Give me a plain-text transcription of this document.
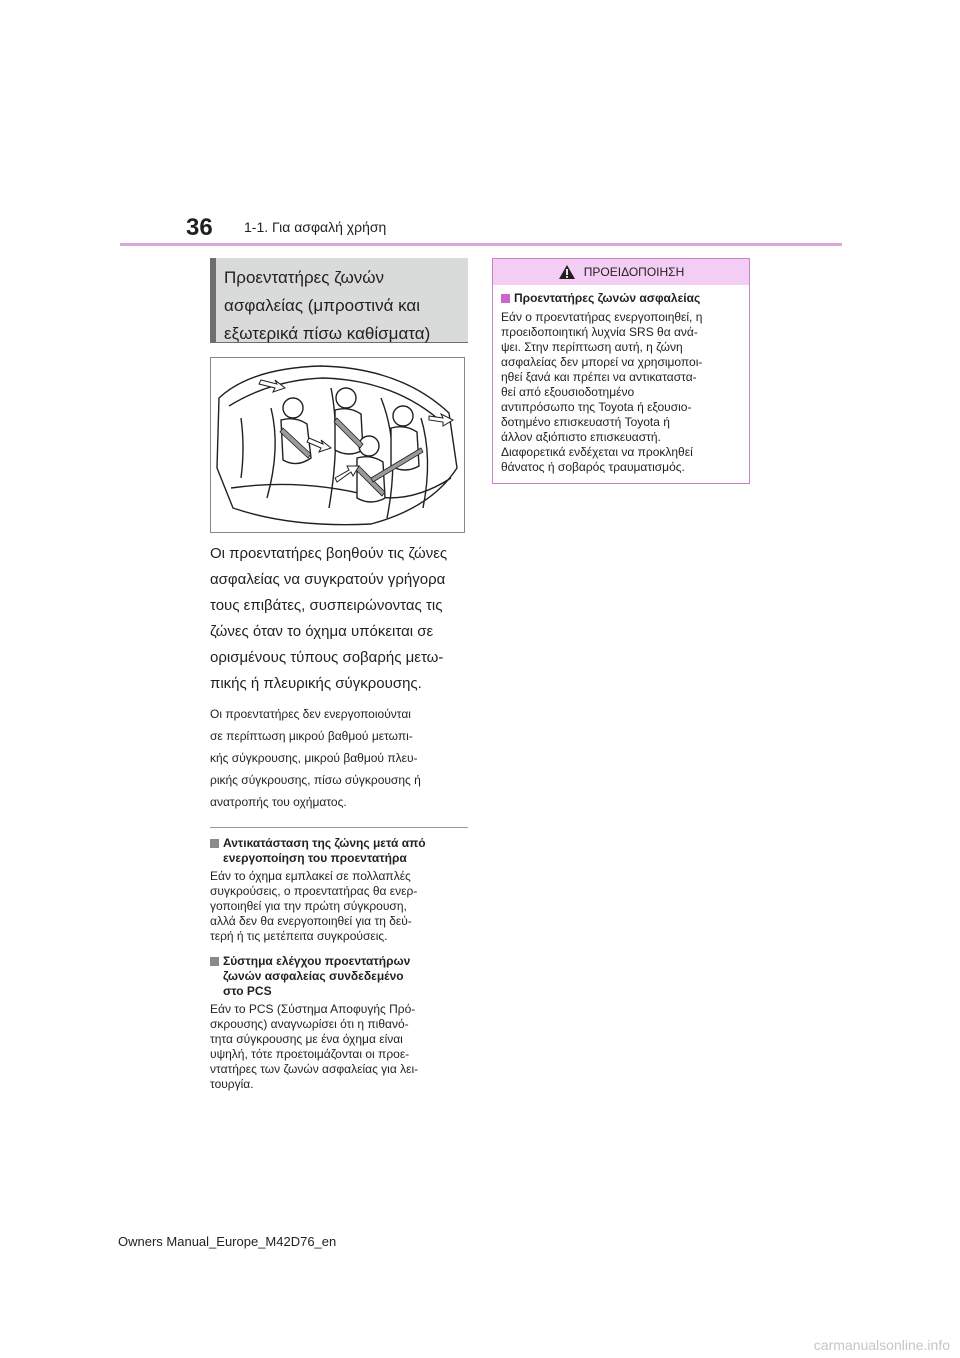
36 1-1. Για ασφαλή χρήση
Προεντατήρες ζωνών
ασφαλείας (μπροστινά και
εξωτερικά πίσω καθίσματα)
Οι προεντατήρες βοηθούν τις ζώνες
ασφαλείας να συγκρατούν γρήγορα
τους επιβάτες, συσπειρώνοντας τις
ζώνες όταν το όχημα υπόκειται σε
ορισμένους τύπους σοβαρής μετω-
πικής ή πλευρικής σύγκρουσης.
Οι προεντατήρες δεν ενεργοποιούνται
σε περίπτωση μικρού βαθμού μετωπι-
κής σύγκρουσης, μικρού βαθμού πλευ-
ρικής σύγκρουσης, πίσω σύγκρουσης ή
ανατροπής του οχήματος.
Αντικατάσταση της ζώνης μετά από
ενεργοποίηση του προεντατήρα
Εάν το όχημα εμπλακεί σε πολλαπλές
συγκρούσεις, ο προεντατήρας θα ενερ-
γοποιηθεί για την πρώτη σύγκρουση,
αλλά δεν θα ενεργοποιηθεί για τη δεύ-
τερή ή τις μετέπειτα συγκρούσεις.
Σύστημα ελέγχου προεντατήρων
ζωνών ασφαλείας συνδεδεμένο
στο PCS
Εάν το PCS (Σύστημα Αποφυγής Πρό-
σκρουσης) αναγνωρίσει ότι η πιθανό-
τητα σύγκρουσης με ένα όχημα είναι
υψηλή, τότε προετοιμάζονται οι προε-
ντατήρες των ζωνών ασφαλείας για λει-
τουργία.
ΠΡΟΕΙΔΟΠΟΙΗΣΗ
Προεντατήρες ζωνών ασφαλείας
Εάν ο προεντατήρας ενεργοποιηθεί, η
προειδοποιητική λυχνία SRS θα ανά-
ψει. Στην περίπτωση αυτή, η ζώνη
ασφαλείας δεν μπορεί να χρησιμοποι-
ηθεί ξανά και πρέπει να αντικαταστα-
θεί από εξουσιοδοτημένο
αντιπρόσωπο της Toyota ή εξουσιο-
δοτημένο επισκευαστή Toyota ή
άλλον αξιόπιστο επισκευαστή.
Διαφορετικά ενδέχεται να προκληθεί
θάνατος ή σοβαρός τραυματισμός.
Owners Manual_Europe_M42D76_en
carmanualsonline.info
